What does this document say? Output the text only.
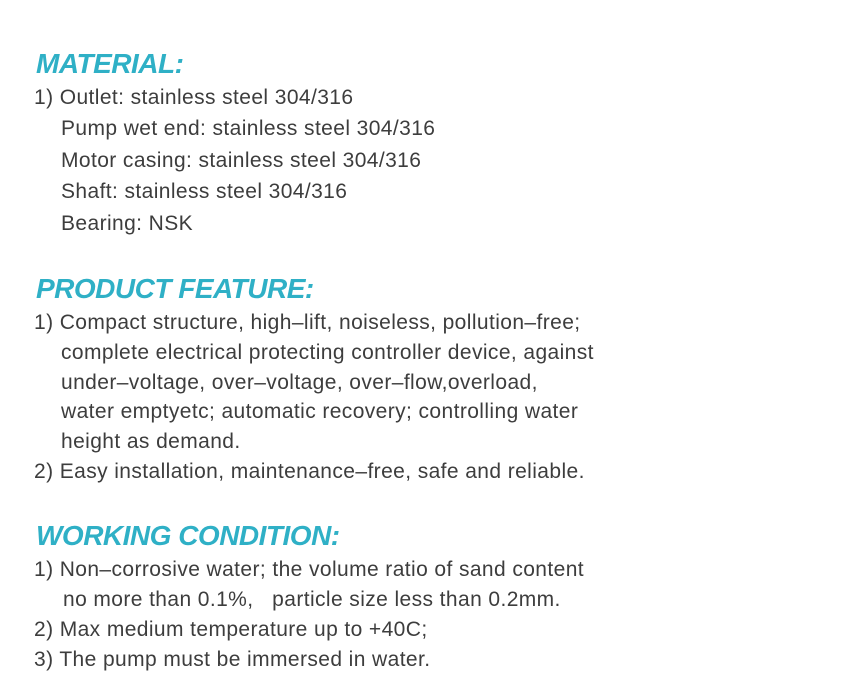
MATERIAL:

1) Outlet: stainless steel 304/316

Pump wet end: stainless steel 304/316

Motor casing: stainless steel 304/316

Shaft: stainless steel 304/316

Bearing: NSK

PRODUCT FEATURE:

1) Compact structure, high–lift, noiseless, pollution–free;

complete electrical protecting controller device, against

under–voltage, over–voltage, over–flow,overload,

water emptyetc; automatic recovery; controlling water

height as demand.

2) Easy installation, maintenance–free, safe and reliable.

WORKING CONDITION:

1) Non–corrosive water; the volume ratio of sand content

no more than 0.1%,   particle size less than 0.2mm.

2) Max medium temperature up to +40C;

3) The pump must be immersed in water.
